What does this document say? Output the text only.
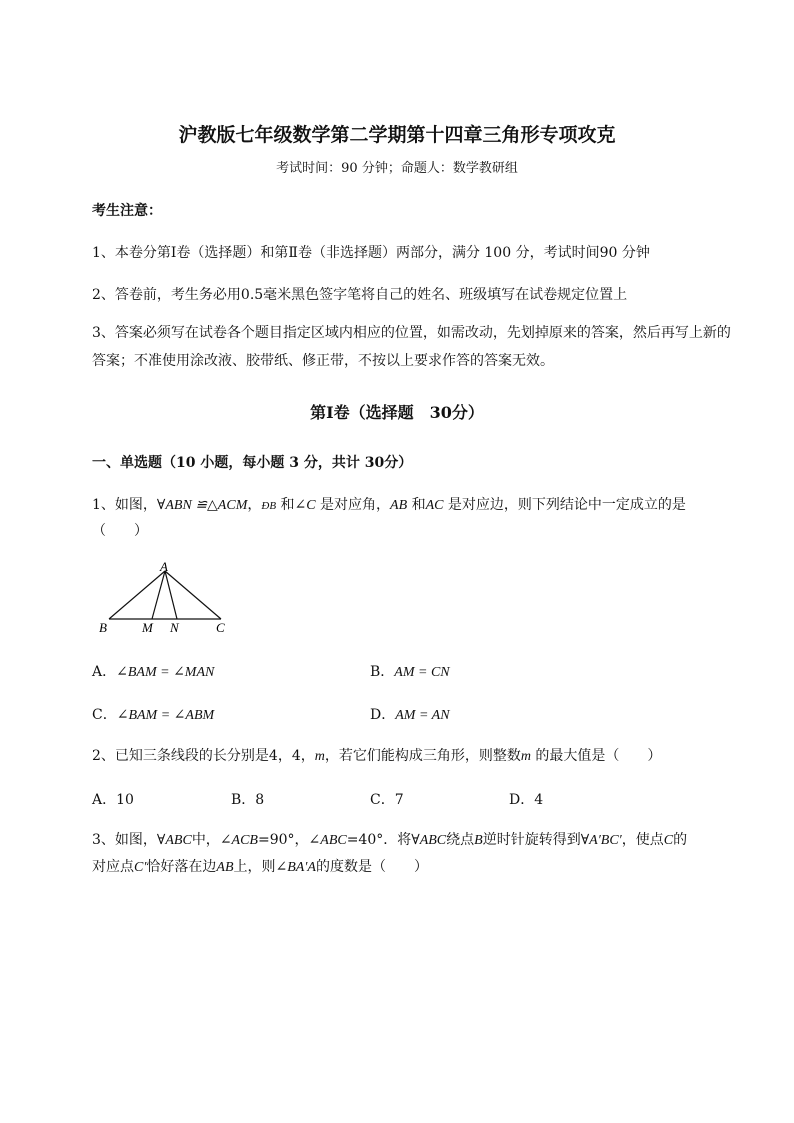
沪教版七年级数学第二学期第十四章三角形专项攻克
考试时间：90 分钟；命题人：数学教研组
考生注意：
1、本卷分第Ⅰ卷（选择题）和第Ⅱ卷（非选择题）两部分，满分 100 分，考试时间90 分钟
2、答卷前，考生务必用0.5毫米黑色签字笔将自己的姓名、班级填写在试卷规定位置上
3、答案必须写在试卷各个题目指定区域内相应的位置，如需改动，先划掉原来的答案，然后再写上新的答案；不准使用涂改液、胶带纸、修正带，不按以上要求作答的答案无效。
第Ⅰ卷（选择题　30分）
一、单选题（10 小题，每小题 3 分，共计 30分）
1、如图，∀ABN ≌△ACM，ÐB 和∠C 是对应角，AB 和AC 是对应边，则下列结论中一定成立的是
（　　）
A
B	M N	C
A．∠BAM = ∠MAN	B．AM = CN
C．∠BAM = ∠ABM	D．AM = AN
2、已知三条线段的长分别是4，4，m，若它们能构成三角形，则整数m 的最大值是（　　）
A．10	B．8	C．7	D．4
3、如图，∀ABC中，∠ACB=90°，∠ABC=40°．将∀ABC绕点B逆时针旋转得到∀A′BC′，使点C的
对应点C′恰好落在边AB上，则∠BA′A的度数是（　　）
